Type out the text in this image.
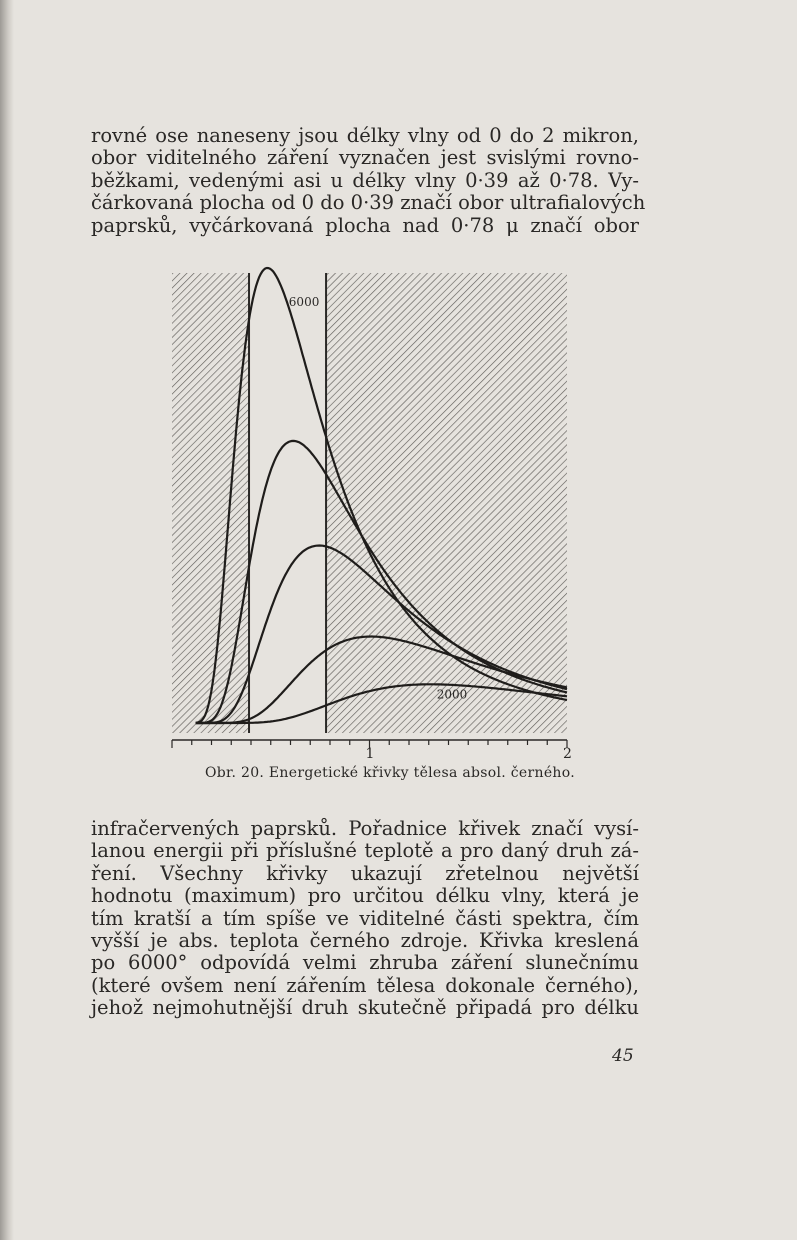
rovné ose naneseny jsou délky vlny od 0 do 2 mikron,
obor viditelného záření vyznačen jest svislými rovno-
běžkami, vedenými asi u délky vlny 0·39 až 0·78. Vy-
čárkovaná plocha od 0 do 0·39 značí obor ultrafialových
paprsků, vyčárkovaná plocha nad 0·78 μ značí obor
1	2
6000
2000
Obr. 20. Energetické křivky tělesa absol. černého.
infračervených paprsků. Pořadnice křivek značí vysí-
lanou energii při příslušné teplotě a pro daný druh zá-
ření. Všechny křivky ukazují zřetelnou největší
hodnotu (maximum) pro určitou délku vlny, která je
tím kratší a tím spíše ve viditelné části spektra, čím
vyšší je abs. teplota černého zdroje. Křivka kreslená
po 6000° odpovídá velmi zhruba záření slunečnímu
(které ovšem není zářením tělesa dokonale černého),
jehož nejmohutnější druh skutečně připadá pro délku
45
